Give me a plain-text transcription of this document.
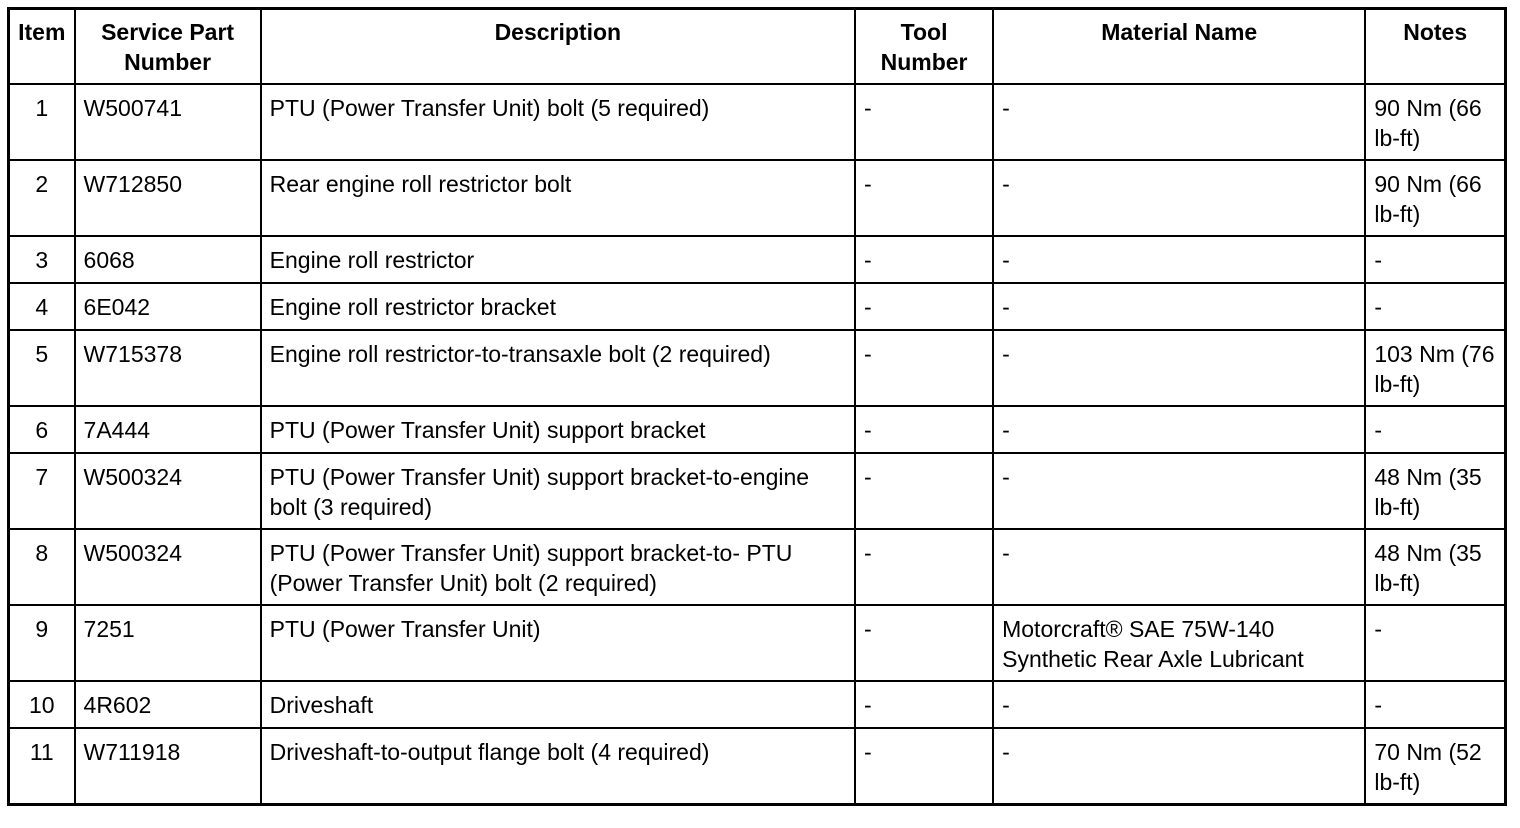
Item	Service Part Number	Description	Tool Number	Material Name	Notes
1	W500741	PTU (Power Transfer Unit) bolt (5 required)	-	-	90 Nm (66 lb-ft)
2	W712850	Rear engine roll restrictor bolt	-	-	90 Nm (66 lb-ft)
3	6068	Engine roll restrictor	-	-	-
4	6E042	Engine roll restrictor bracket	-	-	-
5	W715378	Engine roll restrictor-to-transaxle bolt (2 required)	-	-	103 Nm (76 lb-ft)
6	7A444	PTU (Power Transfer Unit) support bracket	-	-	-
7	W500324	PTU (Power Transfer Unit) support bracket-to-engine bolt (3 required)	-	-	48 Nm (35 lb-ft)
8	W500324	PTU (Power Transfer Unit) support bracket-to- PTU (Power Transfer Unit) bolt (2 required)	-	-	48 Nm (35 lb-ft)
9	7251	PTU (Power Transfer Unit)	-	Motorcraft® SAE 75W-140 Synthetic Rear Axle Lubricant	-
10	4R602	Driveshaft	-	-	-
11	W711918	Driveshaft-to-output flange bolt (4 required)	-	-	70 Nm (52 lb-ft)
